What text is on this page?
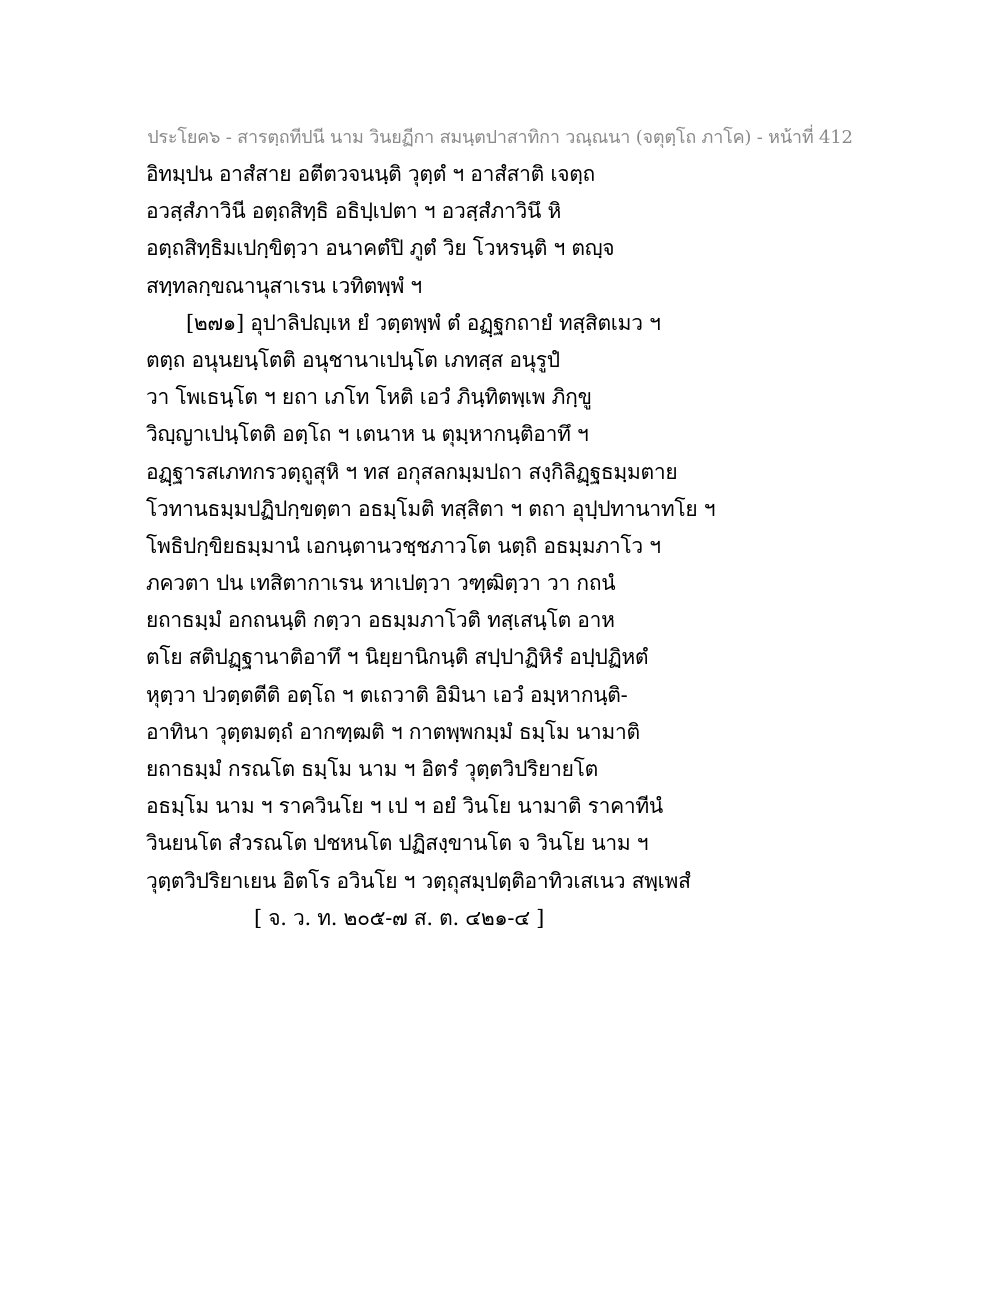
ประโยค๖ - สารตฺถทีปนี นาม วินยฏีกา สมนฺตปาสาทิกา วณฺณนา (จตุตฺโถ ภาโค) - หน้าที่ 412
อิทมฺปน อาสํสาย อตีตวจนนฺติ วุตฺตํ ฯ อาสํสาติ เจตฺถ
อวสฺสํภาวินี อตฺถสิทฺธิ อธิปฺเปตา ฯ อวสฺสํภาวินึ หิ
อตฺถสิทฺธิมเปกฺขิตฺวา อนาคตํปิ ภูตํ วิย โวหรนฺติ ฯ ตญฺจ
สทฺทลกฺขณานุสาเรน เวทิตพฺพํ ฯ
[๒๗๑] อุปาลิปญฺเห ยํ วตฺตพฺพํ ตํ อฏฺฐกถายํ ทสฺสิตเมว ฯ
ตตฺถ อนุนยนฺโตติ อนุชานาเปนฺโต เภทสฺส อนุรูปํ
วา โพเธนฺโต ฯ ยถา เภโท โหติ เอวํ ภินฺทิตพฺเพ ภิกฺขู
วิญฺญาเปนฺโตติ อตฺโถ ฯ เตนาห น ตุมฺหากนฺติอาทึ ฯ
อฏฺฐารสเภทกรวตฺถูสุหิ ฯ ทส อกุสลกมฺมปถา สงฺกิลิฏฺฐธมฺมตาย
โวทานธมฺมปฏิปกฺขตฺตา อธมฺโมติ ทสฺสิตา ฯ ตถา อุปฺปทานาทโย ฯ
โพธิปกฺขิยธมฺมานํ เอกนฺตานวชฺชภาวโต นตฺถิ อธมฺมภาโว ฯ
ภควตา ปน เทสิตากาเรน หาเปตฺวา วฑฺฒิตฺวา วา กถนํ
ยถาธมฺมํ อกถนนฺติ กตฺวา อธมฺมภาโวติ ทสฺเสนฺโต อาห
ตโย สติปฏฺฐานาติอาทึ ฯ นิยฺยานิกนฺติ สปฺปาฏิหิรํ อปฺปฏิหตํ
หุตฺวา ปวตฺตตีติ อตฺโถ ฯ ตเถวาติ อิมินา เอวํ อมฺหากนฺติ-
อาทินา วุตฺตมตฺถํ อากฑฺฒติ ฯ กาตพฺพกมฺมํ ธมฺโม นามาติ
ยถาธมฺมํ กรณโต ธมฺโม นาม ฯ อิตรํ วุตฺตวิปริยายโต
อธมฺโม นาม ฯ ราควินโย ฯ เป ฯ อยํ วินโย นามาติ ราคาทีนํ
วินยนโต สํวรณโต ปชหนโต ปฏิสงฺขานโต จ วินโย นาม ฯ
วุตฺตวิปริยาเยน อิตโร อวินโย ฯ วตฺถุสมฺปตฺติอาทิวเสเนว สพฺเพสํ
[ จ. ว. ท. ๒๐๕-๗ ส. ต. ๔๒๑-๔ ]
